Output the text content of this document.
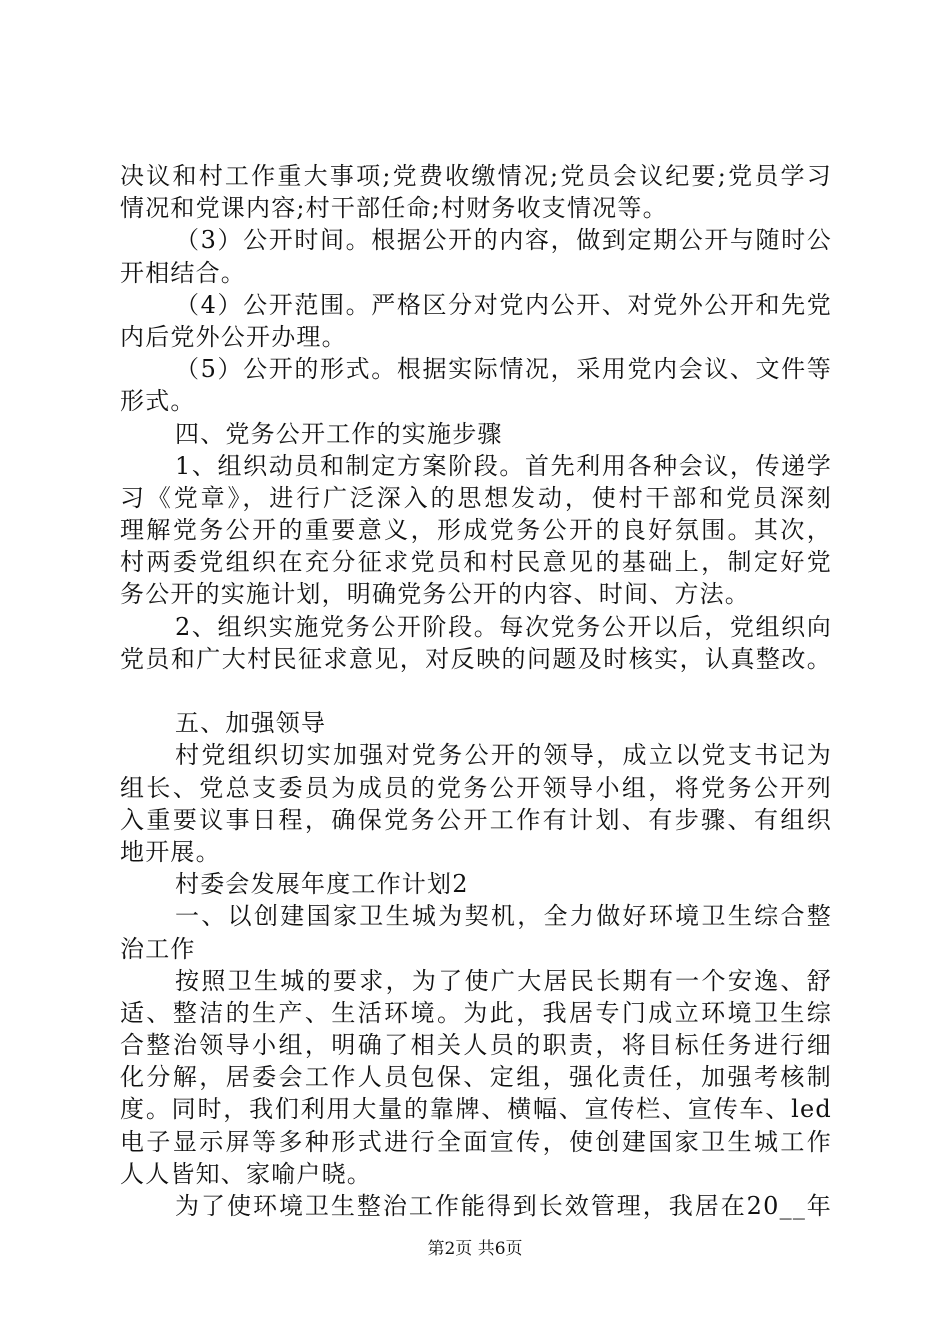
决议和村工作重大事项;党费收缴情况;党员会议纪要;党员学习
情况和党课内容;村干部任命;村财务收支情况等。
（3）公开时间。根据公开的内容，做到定期公开与随时公
开相结合。
（4）公开范围。严格区分对党内公开、对党外公开和先党
内后党外公开办理。
（5）公开的形式。根据实际情况，采用党内会议、文件等
形式。
四、党务公开工作的实施步骤
1、组织动员和制定方案阶段。首先利用各种会议，传递学
习《党章》，进行广泛深入的思想发动，使村干部和党员深刻
理解党务公开的重要意义，形成党务公开的良好氛围。其次，
村两委党组织在充分征求党员和村民意见的基础上，制定好党
务公开的实施计划，明确党务公开的内容、时间、方法。
2、组织实施党务公开阶段。每次党务公开以后，党组织向
党员和广大村民征求意见，对反映的问题及时核实，认真整改。
五、加强领导
村党组织切实加强对党务公开的领导，成立以党支书记为
组长、党总支委员为成员的党务公开领导小组，将党务公开列
入重要议事日程，确保党务公开工作有计划、有步骤、有组织
地开展。
村委会发展年度工作计划2
一、以创建国家卫生城为契机，全力做好环境卫生综合整
治工作
按照卫生城的要求，为了使广大居民长期有一个安逸、舒
适、整洁的生产、生活环境。为此，我居专门成立环境卫生综
合整治领导小组，明确了相关人员的职责，将目标任务进行细
化分解，居委会工作人员包保、定组，强化责任，加强考核制
度。同时，我们利用大量的靠牌、横幅、宣传栏、宣传车、led
电子显示屏等多种形式进行全面宣传，使创建国家卫生城工作
人人皆知、家喻户晓。
为了使环境卫生整治工作能得到长效管理，我居在20__年
第2页 共6页
